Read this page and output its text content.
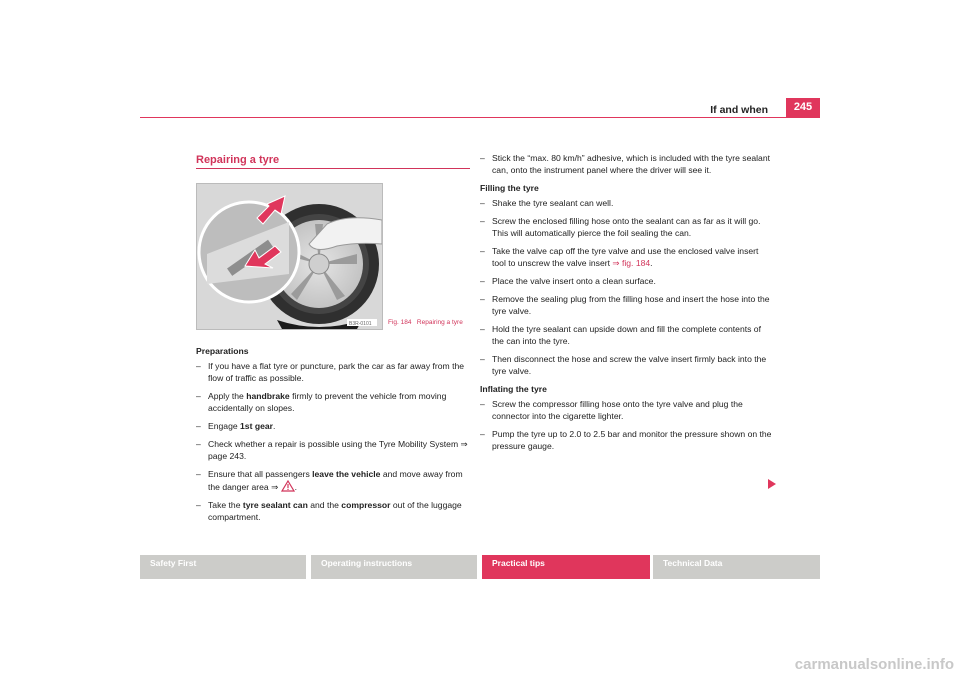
If and when	245
Repairing a tyre
B3R-0101	Fig. 184 Repairing a tyre

Preparations

– If you have a flat tyre or puncture, park the car as far away from the flow of traffic as possible.

– Apply the handbrake firmly to prevent the vehicle from moving accidentally on slopes.

– Engage 1st gear.

– Check whether a repair is possible using the Tyre Mobility System ⇒ page 243.

– Ensure that all passengers leave the vehicle and move away from the danger area ⇒ .

– Take the tyre sealant can and the compressor out of the luggage compartment.

– Stick the “max. 80 km/h” adhesive, which is included with the tyre sealant can, onto the instrument panel where the driver will see it.

Filling the tyre

– Shake the tyre sealant can well.

– Screw the enclosed filling hose onto the sealant can as far as it will go. This will automatically pierce the foil sealing the can.

– Take the valve cap off the tyre valve and use the enclosed valve insert tool to unscrew the valve insert ⇒ fig. 184.

– Place the valve insert onto a clean surface.

– Remove the sealing plug from the filling hose and insert the hose into the tyre valve.

– Hold the tyre sealant can upside down and fill the complete contents of the can into the tyre.

– Then disconnect the hose and screw the valve insert firmly back into the tyre valve.

Inflating the tyre

– Screw the compressor filling hose onto the tyre valve and plug the connector into the cigarette lighter.

– Pump the tyre up to 2.0 to 2.5 bar and monitor the pressure shown on the pressure gauge.

Safety First	Operating instructions	Practical tips	Technical Data
carmanualsonline.info
